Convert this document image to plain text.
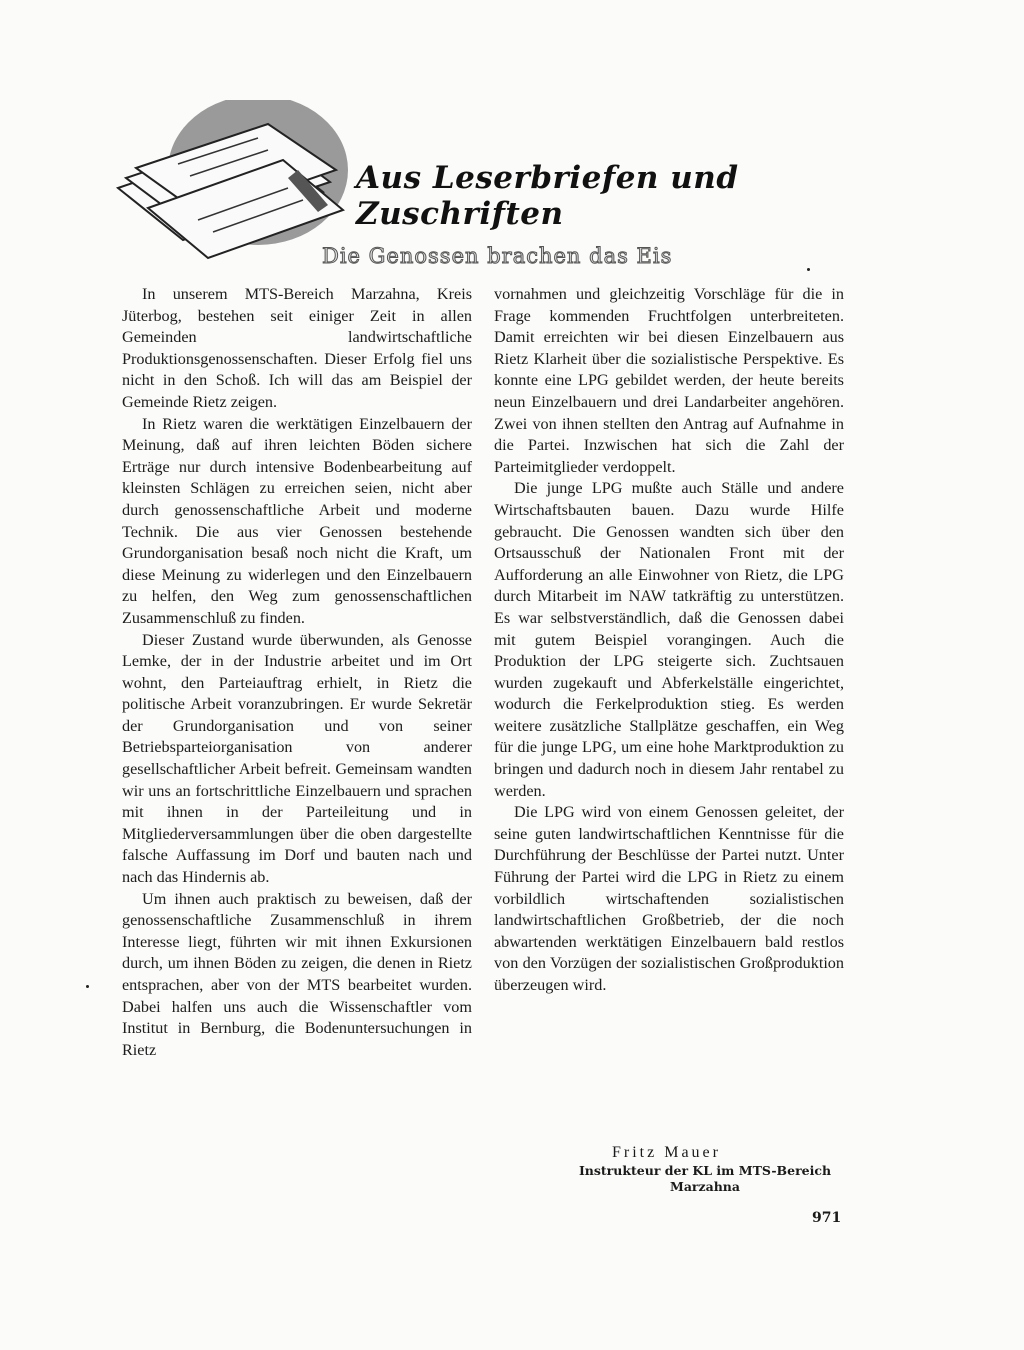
Aus Leserbriefen und Zuschriften
Die Genossen brachen das Eis

In unserem MTS-Bereich Marzahna, Kreis Jüterbog, bestehen seit einiger Zeit in allen Gemeinden landwirtschaftliche Produktionsgenossenschaften. Dieser Erfolg fiel uns nicht in den Schoß. Ich will das am Beispiel der Gemeinde Rietz zeigen.

In Rietz waren die werktätigen Einzelbauern der Meinung, daß auf ihren leichten Böden sichere Erträge nur durch intensive Bodenbearbeitung auf kleinsten Schlägen zu erreichen seien, nicht aber durch genossenschaftliche Arbeit und moderne Technik. Die aus vier Genossen bestehende Grundorganisation besaß noch nicht die Kraft, um diese Meinung zu widerlegen und den Einzelbauern zu helfen, den Weg zum genossenschaftlichen Zusammenschluß zu finden.

Dieser Zustand wurde überwunden, als Genosse Lemke, der in der Industrie arbeitet und im Ort wohnt, den Parteiauftrag erhielt, in Rietz die politische Arbeit voranzubringen. Er wurde Sekretär der Grundorganisation und von seiner Betriebsparteiorganisation von anderer gesellschaftlicher Arbeit befreit. Gemeinsam wandten wir uns an fortschrittliche Einzelbauern und sprachen mit ihnen in der Parteileitung und in Mitgliederversammlungen über die oben dargestellte falsche Auffassung im Dorf und bauten nach und nach das Hindernis ab.

Um ihnen auch praktisch zu beweisen, daß der genossenschaftliche Zusammenschluß in ihrem Interesse liegt, führten wir mit ihnen Exkursionen durch, um ihnen Böden zu zeigen, die denen in Rietz entsprachen, aber von der MTS bearbeitet wurden. Dabei halfen uns auch die Wissenschaftler vom Institut in Bernburg, die Bodenuntersuchungen in Rietz

vornahmen und gleichzeitig Vorschläge für die in Frage kommenden Fruchtfolgen unterbreiteten. Damit erreichten wir bei diesen Einzelbauern aus Rietz Klarheit über die sozialistische Perspektive. Es konnte eine LPG gebildet werden, der heute bereits neun Einzelbauern und drei Landarbeiter angehören. Zwei von ihnen stellten den Antrag auf Aufnahme in die Partei. Inzwischen hat sich die Zahl der Parteimitglieder verdoppelt.

Die junge LPG mußte auch Ställe und andere Wirtschaftsbauten bauen. Dazu wurde Hilfe gebraucht. Die Genossen wandten sich über den Ortsausschuß der Nationalen Front mit der Aufforderung an alle Einwohner von Rietz, die LPG durch Mitarbeit im NAW tatkräftig zu unterstützen. Es war selbstverständlich, daß die Genossen dabei mit gutem Beispiel vorangingen. Auch die Produktion der LPG steigerte sich. Zuchtsauen wurden zugekauft und Abferkelställe eingerichtet, wodurch die Ferkelproduktion stieg. Es werden weitere zusätzliche Stallplätze geschaffen, ein Weg für die junge LPG, um eine hohe Marktproduktion zu bringen und dadurch noch in diesem Jahr rentabel zu werden.

Die LPG wird von einem Genossen geleitet, der seine guten landwirtschaftlichen Kenntnisse für die Durchführung der Beschlüsse der Partei nutzt. Unter Führung der Partei wird die LPG in Rietz zu einem vorbildlich wirtschaftenden sozialistischen landwirtschaftlichen Großbetrieb, der die noch abwartenden werktätigen Einzelbauern bald restlos von den Vorzügen der sozialistischen Großproduktion überzeugen wird.

Fritz Mauer
Instrukteur der KL im MTS-Bereich
Marzahna
971
